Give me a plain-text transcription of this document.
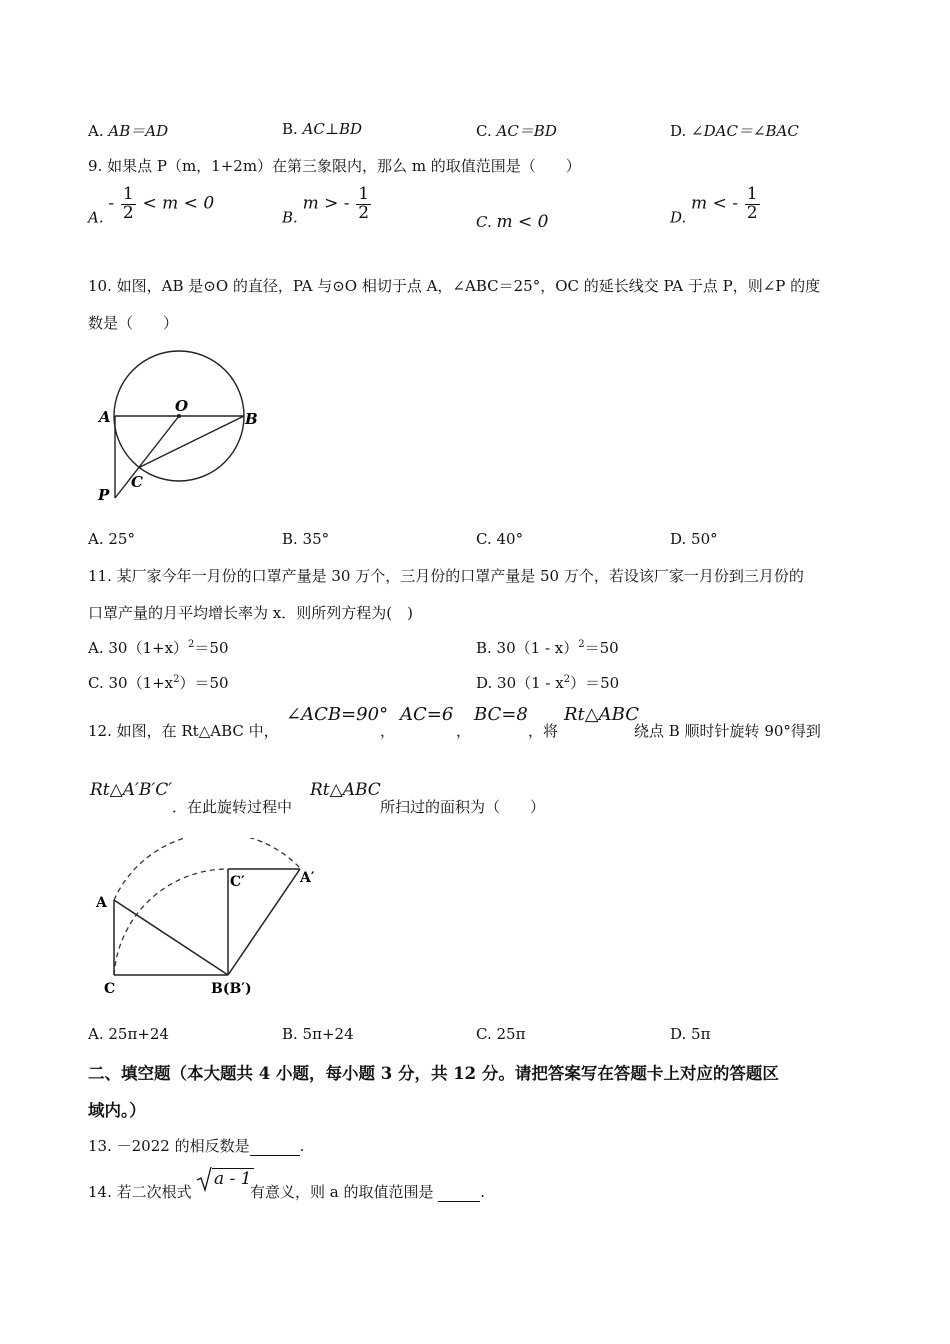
A. AB＝AD	B. AC⊥BD	C. AC＝BD	D. ∠DAC＝∠BAC
9. 如果点 P（m，1+2m）在第三象限内，那么 m 的取值范围是（　　）
A. - $\frac{1}{2} < m < 0$
B. m > - $\frac{1}{2}$	C. m < 0	D. m < - $\frac{1}{2}$
10. 如图，AB 是⊙O 的直径，PA 与⊙O 相切于点 A，∠ABC＝25°，OC 的延长线交 PA 于点 P，则∠P 的度
数是（　　）
A
O
B
C
P
A. 25°	B. 35°	C. 40°	D. 50°
11. 某厂家今年一月份的口罩产量是 30 万个，三月份的口罩产量是 50 万个，若设该厂家一月份到三月份的
口罩产量的月平均增长率为 x．则所列方程为(　)
A. $30(1+x)^2=50$	B. 30（1 - x）$^2$＝50
C. $30(1+x^2)=50$	D. $30(1 - x^2)=50$
12. 如图，在 Rt△ABC 中，
∠ACB=90°
，
AC=6
，
BC=8
，将
Rt△ABC
绕点 B 顺时针旋转 90°得到
Rt△A′B′C′
．在此旋转过程中
Rt△ABC
所扫过的面积为（　　）
A
C	B(B′)
C′	A′
A. 25π+24	B. 5π+24	C. 25π	D. 5π
二、填空题（本大题共 4 小题，每小题 3 分，共 12 分。请把答案写在答题卡上对应的答题区
域内。）
13. －2022 的相反数是	.
14. 若二次根式
a - 1
有意义，则 a 的取值范围是	.
